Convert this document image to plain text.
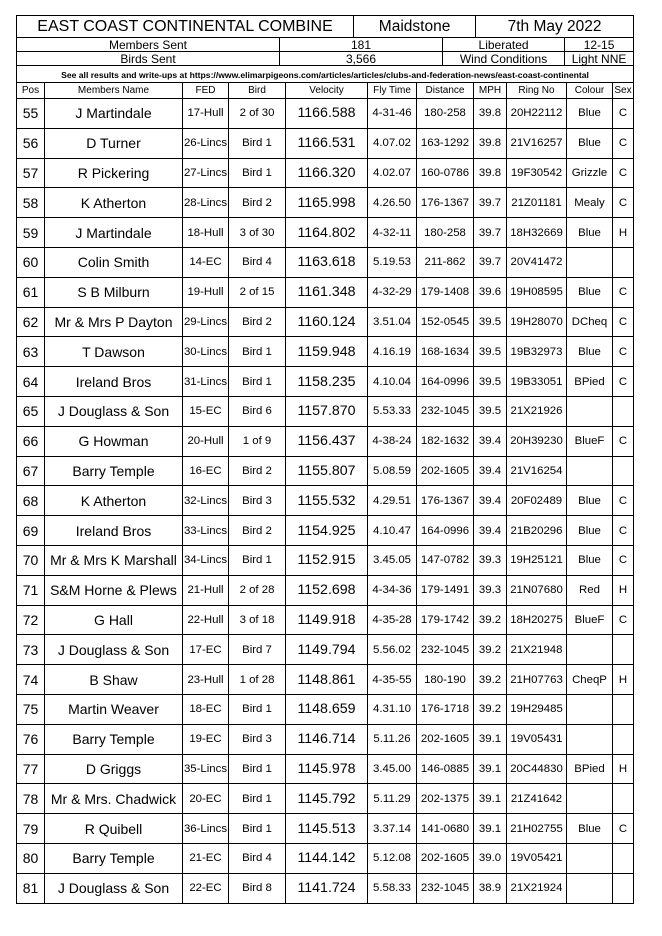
EAST COAST CONTINENTAL COMBINE		Maidstone		7th May 2022	
Members Sent	181		Liberated		12-15
Birds Sent	3,566		Wind Conditions		Light NNE
See all results and write-ups at https://www.elimarpigeons.com/articles/articles/clubs-and-federation-news/east-coast-continental					
Pos	Members Name	FED	Bird	Velocity	Fly Time	Distance	MPH	Ring No	Colour	Sex
55	J Martindale	17-Hull	2 of 30	1166.588	4-31-46	180-258	39.8	20H22112	Blue	C
56	D Turner	26-Lincs	Bird 1	1166.531	4.07.02	163-1292	39.8	21V16257	Blue	C
57	R Pickering	27-Lincs	Bird 1	1166.320	4.02.07	160-0786	39.8	19F30542	Grizzle	C
58	K Atherton	28-Lincs	Bird 2	1165.998	4.26.50	176-1367	39.7	21Z01181	Mealy	C
59	J Martindale	18-Hull	3 of 30	1164.802	4-32-11	180-258	39.7	18H32669	Blue	H
60	Colin Smith	14-EC	Bird 4	1163.618	5.19.53	211-862	39.7	20V41472		
61	S B Milburn	19-Hull	2 of 15	1161.348	4-32-29	179-1408	39.6	19H08595	Blue	C
62	Mr & Mrs P Dayton	29-Lincs	Bird 2	1160.124	3.51.04	152-0545	39.5	19H28070	DCheq	C
63	T Dawson	30-Lincs	Bird 1	1159.948	4.16.19	168-1634	39.5	19B32973	Blue	C
64	Ireland Bros	31-Lincs	Bird 1	1158.235	4.10.04	164-0996	39.5	19B33051	BPied	C
65	J Douglass & Son	15-EC	Bird 6	1157.870	5.53.33	232-1045	39.5	21X21926		
66	G Howman	20-Hull	1 of 9	1156.437	4-38-24	182-1632	39.4	20H39230	BlueF	C
67	Barry Temple	16-EC	Bird 2	1155.807	5.08.59	202-1605	39.4	21V16254		
68	K Atherton	32-Lincs	Bird 3	1155.532	4.29.51	176-1367	39.4	20F02489	Blue	C
69	Ireland Bros	33-Lincs	Bird 2	1154.925	4.10.47	164-0996	39.4	21B20296	Blue	C
70	Mr & Mrs K Marshall	34-Lincs	Bird 1	1152.915	3.45.05	147-0782	39.3	19H25121	Blue	C
71	S&M Horne & Plews	21-Hull	2 of 28	1152.698	4-34-36	179-1491	39.3	21N07680	Red	H
72	G Hall	22-Hull	3 of 18	1149.918	4-35-28	179-1742	39.2	18H20275	BlueF	C
73	J Douglass & Son	17-EC	Bird 7	1149.794	5.56.02	232-1045	39.2	21X21948		
74	B Shaw	23-Hull	1 of 28	1148.861	4-35-55	180-190	39.2	21H07763	CheqP	H
75	Martin Weaver	18-EC	Bird 1	1148.659	4.31.10	176-1718	39.2	19H29485		
76	Barry Temple	19-EC	Bird 3	1146.714	5.11.26	202-1605	39.1	19V05431		
77	D Griggs	35-Lincs	Bird 1	1145.978	3.45.00	146-0885	39.1	20C44830	BPied	H
78	Mr & Mrs. Chadwick	20-EC	Bird 1	1145.792	5.11.29	202-1375	39.1	21Z41642		
79	R Quibell	36-Lincs	Bird 1	1145.513	3.37.14	141-0680	39.1	21H02755	Blue	C
80	Barry Temple	21-EC	Bird 4	1144.142	5.12.08	202-1605	39.0	19V05421		
81	J Douglass & Son	22-EC	Bird 8	1141.724	5.58.33	232-1045	38.9	21X21924		
